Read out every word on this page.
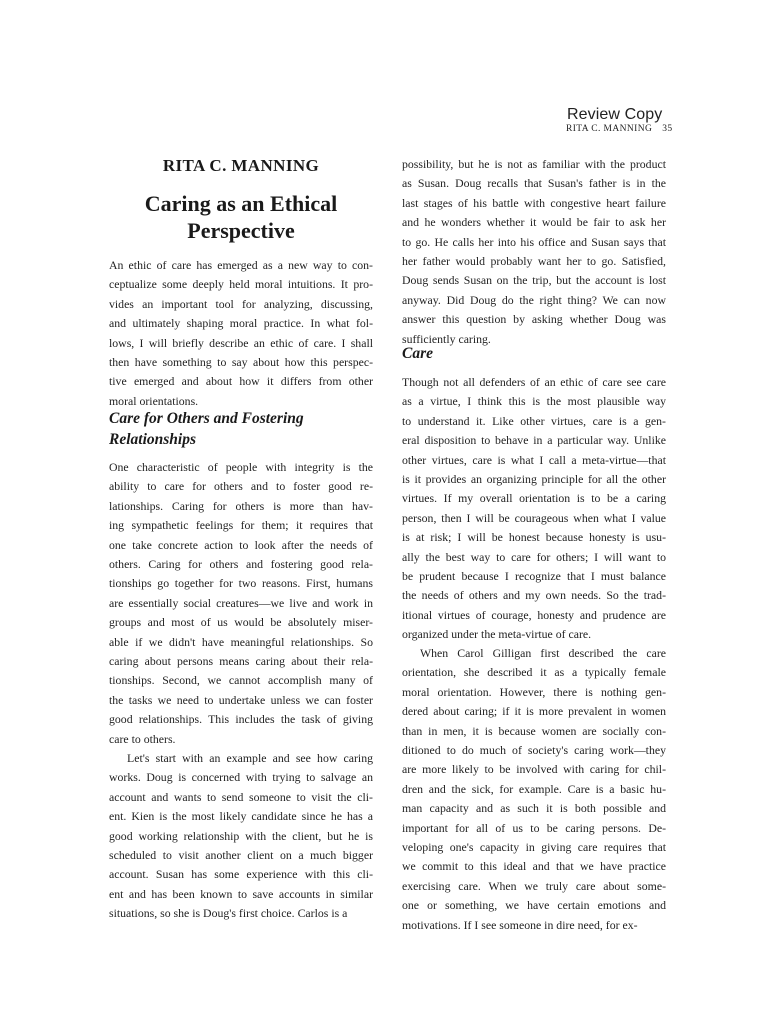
Review Copy
RITA C. MANNING 35
RITA C. MANNING
Caring as an Ethical
Perspective
An ethic of care has emerged as a new way to con-
ceptualize some deeply held moral intuitions. It pro-
vides an important tool for analyzing, discussing,
and ultimately shaping moral practice. In what fol-
lows, I will briefly describe an ethic of care. I shall
then have something to say about how this perspec-
tive emerged and about how it differs from other
moral orientations.
Care for Others and Fostering
Relationships
One characteristic of people with integrity is the
ability to care for others and to foster good re-
lationships. Caring for others is more than hav-
ing sympathetic feelings for them; it requires that
one take concrete action to look after the needs of
others. Caring for others and fostering good rela-
tionships go together for two reasons. First, humans
are essentially social creatures—we live and work in
groups and most of us would be absolutely miser-
able if we didn't have meaningful relationships. So
caring about persons means caring about their rela-
tionships. Second, we cannot accomplish many of
the tasks we need to undertake unless we can foster
good relationships. This includes the task of giving
care to others.
Let's start with an example and see how caring
works. Doug is concerned with trying to salvage an
account and wants to send someone to visit the cli-
ent. Kien is the most likely candidate since he has a
good working relationship with the client, but he is
scheduled to visit another client on a much bigger
account. Susan has some experience with this cli-
ent and has been known to save accounts in similar
situations, so she is Doug's first choice. Carlos is a
possibility, but he is not as familiar with the product
as Susan. Doug recalls that Susan's father is in the
last stages of his battle with congestive heart failure
and he wonders whether it would be fair to ask her
to go. He calls her into his office and Susan says that
her father would probably want her to go. Satisfied,
Doug sends Susan on the trip, but the account is lost
anyway. Did Doug do the right thing? We can now
answer this question by asking whether Doug was
sufficiently caring.
Care
Though not all defenders of an ethic of care see care
as a virtue, I think this is the most plausible way
to understand it. Like other virtues, care is a gen-
eral disposition to behave in a particular way. Unlike
other virtues, care is what I call a meta-virtue—that
is it provides an organizing principle for all the other
virtues. If my overall orientation is to be a caring
person, then I will be courageous when what I value
is at risk; I will be honest because honesty is usu-
ally the best way to care for others; I will want to
be prudent because I recognize that I must balance
the needs of others and my own needs. So the trad-
itional virtues of courage, honesty and prudence are
organized under the meta-virtue of care.
When Carol Gilligan first described the care
orientation, she described it as a typically female
moral orientation. However, there is nothing gen-
dered about caring; if it is more prevalent in women
than in men, it is because women are socially con-
ditioned to do much of society's caring work—they
are more likely to be involved with caring for chil-
dren and the sick, for example. Care is a basic hu-
man capacity and as such it is both possible and
important for all of us to be caring persons. De-
veloping one's capacity in giving care requires that
we commit to this ideal and that we have practice
exercising care. When we truly care about some-
one or something, we have certain emotions and
motivations. If I see someone in dire need, for ex-
